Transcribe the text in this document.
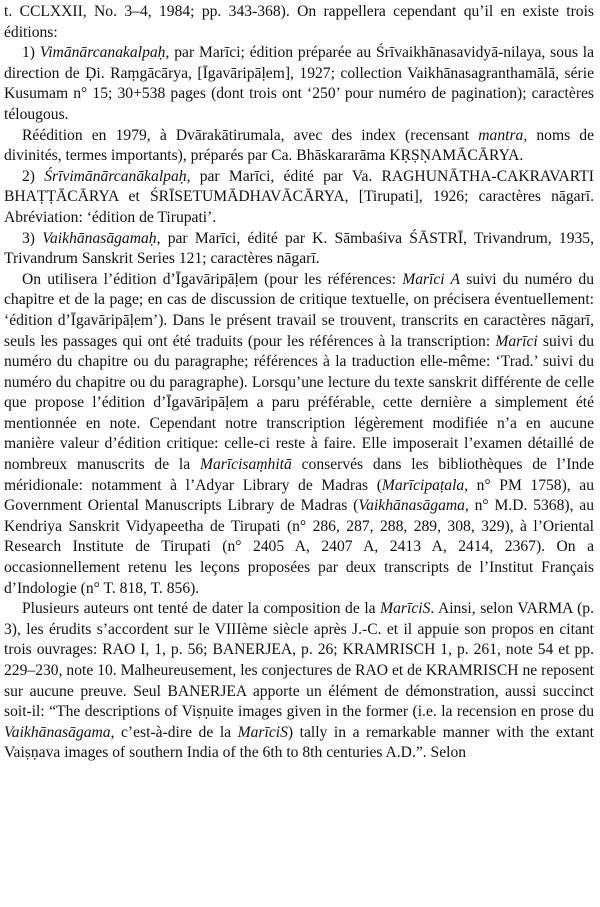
t. CCLXXII, No. 3–4, 1984; pp. 343-368). On rappellera cependant qu’il en existe trois éditions:

1) Vimānārcanakalpaḥ, par Marīci; édition préparée au Śrīvaikhānasavidyā-nilaya, sous la direction de Ḍi. Raṃgācārya, [Īgavāripāḷem], 1927; collection Vaikhānasagranthamālā, série Kusumam n° 15; 30+538 pages (dont trois ont ‘250’ pour numéro de pagination); caractères télougous.

Réédition en 1979, à Dvārakātirumala, avec des index (recensant mantra, noms de divinités, termes importants), préparés par Ca. Bhāskararāma KṚṢṆAMĀCĀRYA.

2) Śrīvimānārcanākalpaḥ, par Marīci, édité par Va. RAGHUNĀTHA-CAKRAVARTI BHAṬṬĀCĀRYA et ŚRĪSETUMĀDHAVĀCĀRYA, [Tirupati], 1926; caractères nāgarī. Abréviation: ‘édition de Tirupati’.

3) Vaikhānasāgamaḥ, par Marīci, édité par K. Sāmbaśiva ŚĀSTRĪ, Trivandrum, 1935, Trivandrum Sanskrit Series 121; caractères nāgarī.

On utilisera l’édition d’Īgavāripāḷem (pour les références: Marīci A suivi du numéro du chapitre et de la page; en cas de discussion de critique textuelle, on précisera éventuellement: ‘édition d’Īgavāripāḷem’). Dans le présent travail se trouvent, transcrits en caractères nāgarī, seuls les passages qui ont été traduits (pour les références à la transcription: Marīci suivi du numéro du chapitre ou du paragraphe; références à la traduction elle-même: ‘Trad.’ suivi du numéro du chapitre ou du paragraphe). Lorsqu’une lecture du texte sanskrit différente de celle que propose l’édition d’Īgavāripāḷem a paru préférable, cette dernière a simplement été mentionnée en note. Cependant notre transcription légèrement modifiée n’a en aucune manière valeur d’édition critique: celle-ci reste à faire. Elle imposerait l’examen détaillé de nombreux manuscrits de la Marīcisaṃhitā conservés dans les bibliothèques de l’Inde méridionale: notamment à l’Adyar Library de Madras (Marīcipaṭala, n° PM 1758), au Government Oriental Manuscripts Library de Madras (Vaikhānasāgama, n° M.D. 5368), au Kendriya Sanskrit Vidyapeetha de Tirupati (n° 286, 287, 288, 289, 308, 329), à l’Oriental Research Institute de Tirupati (n° 2405 A, 2407 A, 2413 A, 2414, 2367). On a occasionnellement retenu les leçons proposées par deux transcripts de l’Institut Français d’Indologie (n° T. 818, T. 856).

Plusieurs auteurs ont tenté de dater la composition de la MarīciS. Ainsi, selon VARMA (p. 3), les érudits s’accordent sur le VIIIème siècle après J.-C. et il appuie son propos en citant trois ouvrages: RAO I, 1, p. 56; BANERJEA, p. 26; KRAMRISCH 1, p. 261, note 54 et pp. 229–230, note 10. Malheureusement, les conjectures de RAO et de KRAMRISCH ne reposent sur aucune preuve. Seul BANERJEA apporte un élément de démonstration, aussi succinct soit-il: “The descriptions of Viṣṇuite images given in the former (i.e. la recension en prose du Vaikhānasāgama, c’est-à-dire de la MarīciS) tally in a remarkable manner with the extant Vaiṣṇava images of southern India of the 6th to 8th centuries A.D.”. Selon
